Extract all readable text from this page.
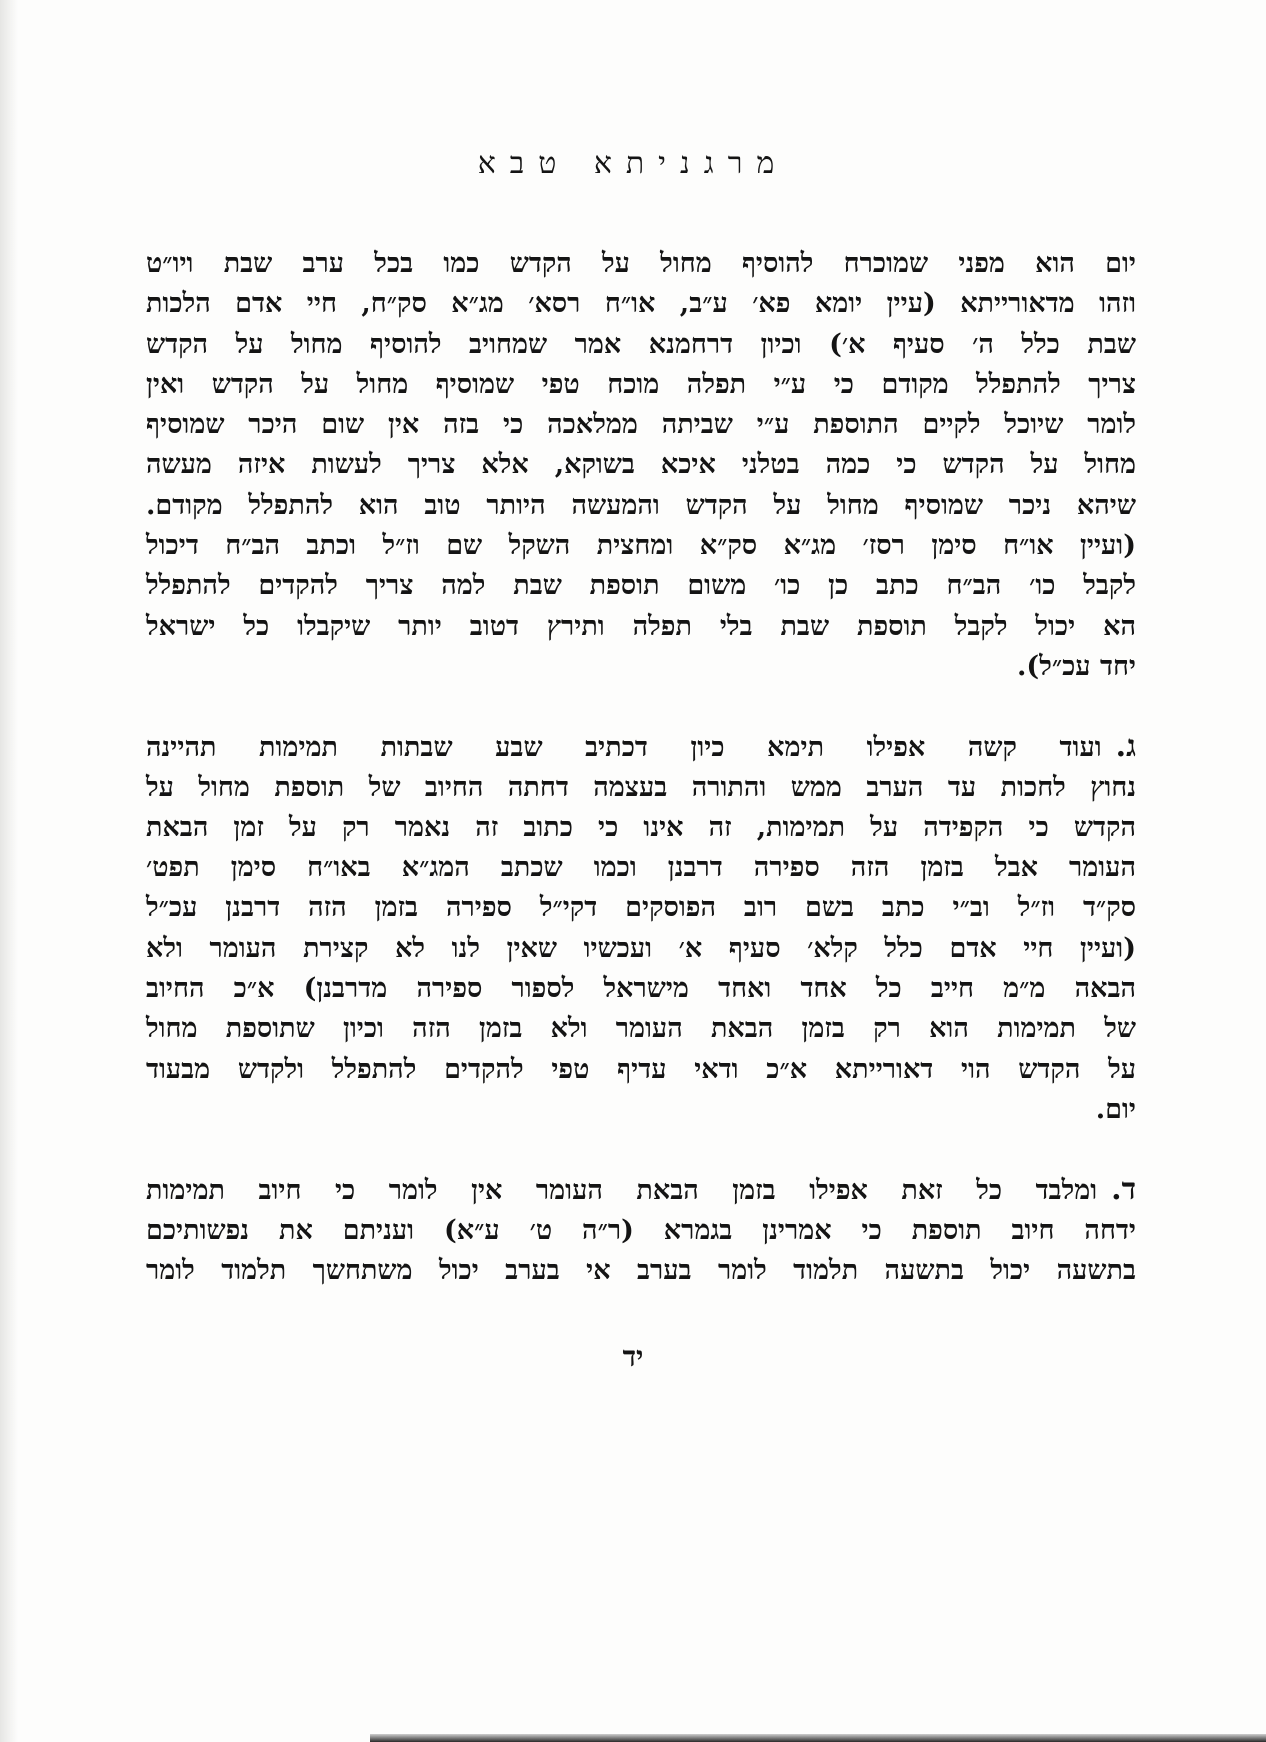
מרגניתא טבא
יום הוא מפני שמוכרח להוסיף מחול על הקדש כמו בכל ערב שבת ויו״ט
וזהו מדאורייתא (עיין יומא פא׳ ע״ב, או״ח רסא׳ מג״א סק״ח, חיי אדם הלכות
שבת כלל ה׳ סעיף א׳) וכיון דרחמנא אמר שמחויב להוסיף מחול על הקדש
צריך להתפלל מקודם כי ע״י תפלה מוכח טפי שמוסיף מחול על הקדש ואין
לומר שיוכל לקיים התוספת ע״י שביתה ממלאכה כי בזה אין שום היכר שמוסיף
מחול על הקדש כי כמה בטלני איכא בשוקא, אלא צריך לעשות איזה מעשה
שיהא ניכר שמוסיף מחול על הקדש והמעשה היותר טוב הוא להתפלל מקודם.
(ועיין או״ח סימן רסז׳ מג״א סק״א ומחצית השקל שם וז״ל וכתב הב״ח דיכול
לקבל כו׳ הב״ח כתב כן כו׳ משום תוספת שבת למה צריך להקדים להתפלל
הא יכול לקבל תוספת שבת בלי תפלה ותירץ דטוב יותר שיקבלו כל ישראל
יחד עכ״ל).
ג.ועוד קשה אפילו תימא כיון דכתיב שבע שבתות תמימות תהיינה
נחוץ לחכות עד הערב ממש והתורה בעצמה דחתה החיוב של תוספת מחול על
הקדש כי הקפידה על תמימות, זה אינו כי כתוב זה נאמר רק על זמן הבאת
העומר אבל בזמן הזה ספירה דרבנן וכמו שכתב המג״א באו״ח סימן תפט׳
סק״ד וז״ל וב״י כתב בשם רוב הפוסקים דקי״ל ספירה בזמן הזה דרבנן עכ״ל
(ועיין חיי אדם כלל קלא׳ סעיף א׳ ועכשיו שאין לנו לא קצירת העומר ולא
הבאה מ״מ חייב כל אחד ואחד מישראל לספור ספירה מדרבנן) א״כ החיוב
של תמימות הוא רק בזמן הבאת העומר ולא בזמן הזה וכיון שתוספת מחול
על הקדש הוי דאורייתא א״כ ודאי עדיף טפי להקדים להתפלל ולקדש מבעוד
יום.
ד.ומלבד כל זאת אפילו בזמן הבאת העומר אין לומר כי חיוב תמימות
ידחה חיוב תוספת כי אמרינן בגמרא (ר״ה ט׳ ע״א) ועניתם את נפשותיכם
בתשעה יכול בתשעה תלמוד לומר בערב אי בערב יכול משתחשך תלמוד לומר
יד
